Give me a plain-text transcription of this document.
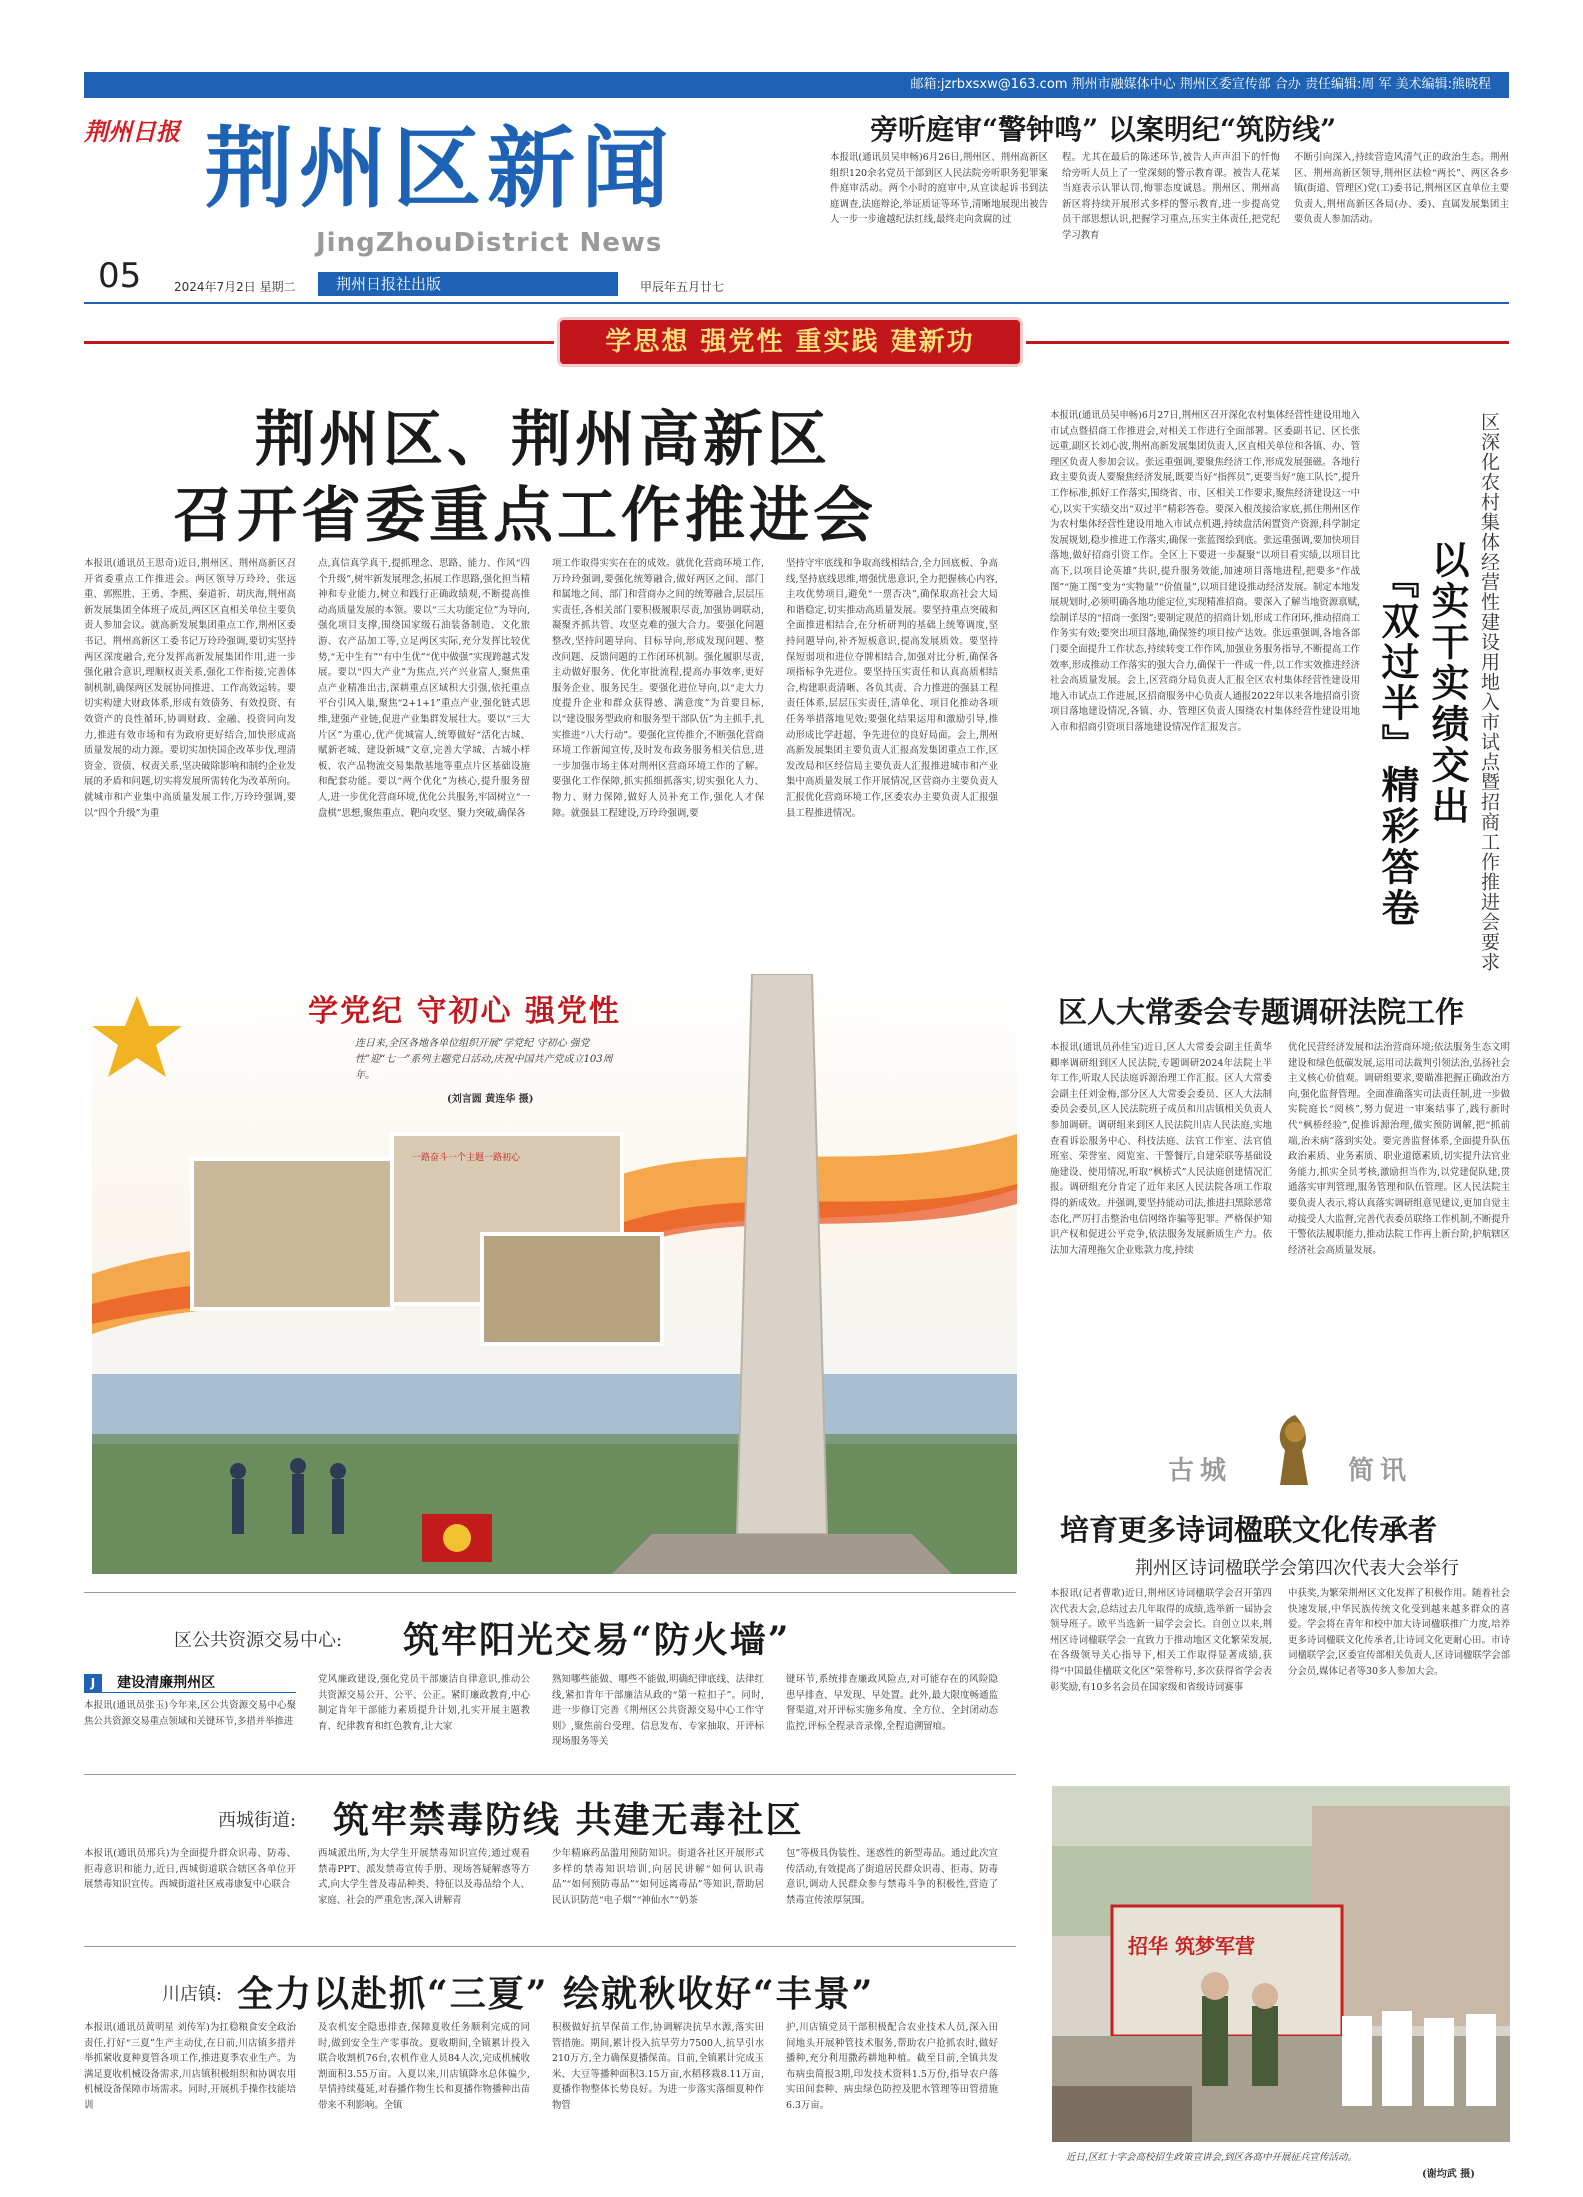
邮箱:jzrbxsxw@163.com 荆州市融媒体中心 荆州区委宣传部 合办 责任编辑:周 军 美术编辑:熊晓程
荆州日报 荆州区新闻
JingZhouDistrict News
05	2024年7月2日 星期二	荆州日报社出版	甲辰年五月廿七
旁听庭审“警钟鸣” 以案明纪“筑防线”
本报讯(通讯员吴申畅)6月26日,荆州区、荆州高新区组织120余名党员干部到区人民法院旁听职务犯罪案件庭审活动。两个小时的庭审中,从宣读起诉书到法庭调查,法庭辩论,举证质证等环节,清晰地展现出被告人一步一步逾越纪法红线,最终走向贪腐的过
程。尤其在最后的陈述环节,被告人声声泪下的忏悔给旁听人员上了一堂深刻的警示教育课。被告人花某当庭表示认罪认罚,悔罪态度诚恳。荆州区、荆州高新区将持续开展形式多样的警示教育,进一步提高党员干部思想认识,把握学习重点,压实主体责任,把党纪学习教育
不断引向深入,持续营造风清气正的政治生态。荆州区、荆州高新区领导,荆州区法检“两长”、两区各乡镇(街道、管理区)党(工)委书记,荆州区区直单位主要负责人,荆州高新区各局(办、委)、直属发展集团主要负责人参加活动。
学思想 强党性 重实践 建新功
荆州区、荆州高新区
召开省委重点工作推进会
本报讯(通讯员王思奇)近日,荆州区、荆州高新区召开省委重点工作推进会。两区领导万玲玲、张远重、郭熙胜、王勇、李熙、秦道祈、胡庆海,荆州高新发展集团全体班子成员,两区区直相关单位主要负责人参加会议。就高新发展集团重点工作,荆州区委书记、荆州高新区工委书记万玲玲强调,要切实坚持两区深度融合,充分发挥高新发展集团作用,进一步强化融合意识,理顺权责关系,强化工作衔接,完善体制机制,确保两区发展协同推进、工作高效运转。要切实构建大财政体系,形成有效债务、有效投资、有效资产的良性循环,协调财政、金融、投资同向发力,推进有效市场和有为政府更好结合,加快形成高质量发展的动力源。要切实加快国企改革步伐,理清资金、资债、权责关系,坚决破除影响和制约企业发展的矛盾和问题,切实将发展所需转化为改革所向。就城市和产业集中高质量发展工作,万玲玲强调,要以“四个升级”为重
点,真信真学真干,提抓理念、思路、能力、作风“四个升级”,树牢新发展理念,拓展工作思路,强化担当精神和专业能力,树立和践行正确政绩观,不断提高推动高质量发展的本领。要以“三大功能定位”为导向,强化项目支撑,围绕国家级石油装备制造、文化旅游、农产品加工等,立足两区实际,充分发挥比较优势,“无中生有”“有中生优”“优中做强”实现跨越式发展。要以“四大产业”为焦点,兴产兴业富人,聚焦重点产业精准出击,深耕重点区域积大引强,依托重点平台引风入巢,聚焦“2+1+1”重点产业,强化链式思维,建强产业链,促进产业集群发展壮大。要以“三大片区”为重心,优产优城富人,统筹做好“活化古城、赋新老城、建设新城”文章,完善大学城、古城小样板、农产品物流交易集散基地等重点片区基础设施和配套功能。要以“两个优化”为核心,提升服务留人,进一步优化营商环境,优化公共服务,牢固树立“一盘棋”思想,聚焦重点、靶向攻坚、聚力突破,确保各
项工作取得实实在在的成效。就优化营商环境工作,万玲玲强调,要强化统筹融合,做好两区之间、部门和属地之间、部门和营商办之间的统筹融合,层层压实责任,各相关部门要积极履职尽责,加强协调联动,凝聚齐抓共管、攻坚克难的强大合力。要强化问题整改,坚持问题导向、目标导向,形成发现问题、整改问题、反馈问题的工作闭环机制。强化履职尽责,主动做好服务、优化审批流程,提高办事效率,更好服务企业、服务民生。要强化进位导向,以“走大力度提升企业和群众获得感、满意度”为首要目标,以“建设服务型政府和服务型干部队伍”为主抓手,扎实推进“八大行动”。要强化宣传推介,不断强化营商环境工作新闻宣传,及时发布政务服务相关信息,进一步加强市场主体对荆州区营商环境工作的了解。要强化工作保障,抓实抓细抓落实,切实强化人力、物力、财力保障,做好人员补充工作,强化人才保障。就强县工程建设,万玲玲强调,要
坚持守牢底线和争取高线相结合,全力回底板、争高线,坚持底线思维,增强忧患意识,全力把握核心内容,主攻优势项目,避免“一票否决”,确保取高社会大局和谐稳定,切实推动高质量发展。要坚持重点突破和全面推进相结合,在分析研判的基础上统筹调度,坚持问题导向,补齐短板意识,提高发展质效。要坚持保短弱项和进位夺牌相结合,加强对比分析,确保各项指标争先进位。要坚持压实责任和认真高质相结合,构建职责清晰、各负其责、合力推进的强县工程责任体系,层层压实责任,清单化、项目化推动各项任务举措落地见效;要强化结果运用和激励引导,推动形成比学赶超、争先进位的良好局面。会上,荆州高新发展集团主要负责人汇报高发集团重点工作,区发改局和区经信局主要负责人汇报推进城市和产业集中高质量发展工作开展情况,区营商办主要负责人汇报优化营商环境工作,区委农办主要负责人汇报强县工程推进情况。
本报讯(通讯员吴申畅)6月27日,荆州区召开深化农村集体经营性建设用地入市试点暨招商工作推进会,对相关工作进行全面部署。区委副书记、区长张远重,副区长刘心波,荆州高新发展集团负责人,区直相关单位和各镇、办、管理区负责人参加会议。张远重强调,要聚焦经济工作,形成发展强磁。各地行政主要负责人要聚焦经济发展,既要当好“指挥员”,更要当好“施工队长”,提升工作标准,抓好工作落实,围绕省、市、区相关工作要求,聚焦经济建设这一中心,以实干实绩交出“双过半”精彩答卷。要深入根茂接洽家底,抓住荆州区作为农村集体经营性建设用地入市试点机遇,持续盘活闲置资产资源,科学制定发展规划,稳步推进工作落实,确保一张蓝图绘到底。张远重强调,要加快项目落地,做好招商引资工作。全区上下要进一步凝聚“以项目看实绩,以项目比高下,以项目论英雄”共识,提升服务效能,加速项目落地进程,把要多“作战图”“施工图”变为“实物量”“价值量”,以项目建设推动经济发展。制定本地发展规划时,必须明确各地功能定位,实现精准招商。要深入了解当地资源禀赋,绘制详尽的“招商一张图”;要制定规范的招商计划,形成工作闭环,推动招商工作务实有效;要突出项目落地,确保签约项目按产达效。张远重强调,各地各部门要全面提升工作状态,持续转变工作作风,加强业务服务指导,不断提高工作效率,形成推动工作落实的强大合力,确保干一件成一件,以工作实效推进经济社会高质量发展。会上,区营商分局负责人汇报全区农村集体经营性建设用地入市试点工作进展,区招商服务中心负责人通报2022年以来各地招商引资项目落地建设情况,各镇、办、管理区负责人围绕农村集体经营性建设用地入市和招商引资项目落地建设情况作汇报发言。	以实干实绩交出
『双过半』精彩答卷	区深化农村集体经营性建设用地入市试点暨招商工作推进会要求
学党纪 守初心 强党性
连日来,全区各地各单位组织开展“学党纪 守初心 强党性”迎“七一”系列主题党日活动,庆祝中国共产党成立103周年。
(刘言圆 黄连华 摄)
一路奋斗一个主题一路初心
区人大常委会专题调研法院工作
本报讯(通讯员孙佳宝)近日,区人大常委会副主任黄华卿率调研组到区人民法院,专题调研2024年法院上半年工作,听取人民法庭诉源治理工作汇报。区人大常委会副主任刘金梅,部分区人大常委会委员、区人大法制委员会委员,区人民法院班子成员和川店镇相关负责人参加调研。调研组来到区人民法院川店人民法庭,实地查看诉讼服务中心、科技法庭、法官工作室、法官值班室、荣誉室、阅览室、干警餐厅,自建荣联等基础设施建设、使用情况,听取“枫桥式”人民法庭创建情况汇报。调研组充分肯定了近年来区人民法院各项工作取得的新成效。并强调,要坚持能动司法,推进扫黑除恶常态化,严厉打击整治电信网络诈骗等犯罪。严格保护知识产权和促进公平竞争,依法服务发展新质生产力。依法加大清理拖欠企业账款力度,持续
优化民营经济发展和法治营商环境;依法服务生态文明建设和绿色低碳发展,运用司法裁判引领法治,弘扬社会主义核心价值观。调研组要求,要瞄准把握正确政治方向,强化监督管理。全面准确落实司法责任制,进一步做实院庭长“阅核”,努力促进一审案结事了,践行新时代“枫桥经验”,促推诉源治理,做实预防调解,把“抓前端,治未病”落到实处。要完善监督体系,全面提升队伍政治素质、业务素质、职业道德素质,切实提升法官业务能力,抓实全员考核,激励担当作为,以党建促队建,贯通落实审判管理,服务管理和队伍管理。区人民法院主要负责人表示,将认真落实调研组意见建议,更加自觉主动接受人大监督,完善代表委员联络工作机制,不断提升干警依法履职能力,推动法院工作再上新台阶,护航辖区经济社会高质量发展。
古城	简讯
培育更多诗词楹联文化传承者
荆州区诗词楹联学会第四次代表大会举行
本报讯(记者曹歌)近日,荆州区诗词楹联学会召开第四次代表大会,总结过去几年取得的成绩,选举新一届协会领导班子。欧平当选新一届学会会长。自创立以来,荆州区诗词楹联学会一直致力于推动地区文化繁荣发展,在各级领导关心指导下,相关工作取得显著成绩,获得“中国最佳楹联文化区”荣誉称号,多次获得省学会表彰奖励,有10多名会员在国家级和省级诗词赛事
中获奖,为繁荣荆州区文化发挥了积极作用。随着社会快速发展,中华民族传统文化受到越来越多群众的喜爱。学会将在青年和校中加大诗词楹联推广力度,培养更多诗词楹联文化传承者,让诗词文化更耐心田。市诗词楹联学会,区委宣传部相关负责人,区诗词楹联学会部分会员,媒体记者等30多人参加大会。
招华 筑梦军营
近日,区红十字会高校招生政策宣讲会,到区各高中开展征兵宣传活动。
(谢均武 摄)
区公共资源交易中心: 筑牢阳光交易“防火墙”
J 建设清廉荆州区
本报讯(通讯员张玉)今年来,区公共资源交易中心聚焦公共资源交易重点领域和关键环节,多措并举推进
党风廉政建设,强化党员干部廉洁自律意识,推动公共资源交易公开、公平、公正。紧盯廉政教育,中心制定肯年干部能力素质提升计划,扎实开展主题教育、纪律教育和红色教育,让大家
熟知哪些能做、哪些不能做,明确纪律底线、法律红线,紧扣肯年干部廉洁从政的“第一粒扣子”。同时,进一步修订完善《荆州区公共资源交易中心工作守则》,聚焦前台受理、信息发布、专家抽取、开评标现场服务等关
键环节,系统排查廉政风险点,对可能存在的风险隐患早排查、早发现、早处置。此外,最大限度畅通监督渠道,对开评标实施多角度、全方位、全封闭动态监控,评标全程录音录像,全程追溯留痕。
西城街道: 筑牢禁毒防线 共建无毒社区
本报讯(通讯员邢兵)为全面提升群众识毒、防毒、拒毒意识和能力,近日,西城街道联合辖区各单位开展禁毒知识宣传。西城街道社区戒毒康复中心联合
西城派出所,为大学生开展禁毒知识宣传,通过观看禁毒PPT、派发禁毒宣传手册、现场答疑解惑等方式,向大学生普及毒品种类、特征以及毒品给个人、家庭、社会的严重危害,深入讲解青
少年精麻药品滥用预防知识。街道各社区开展形式多样的禁毒知识培训,向居民讲解“如何认识毒品”“如何预防毒品”“如何远离毒品”等知识,帮助居民认识防范“电子烟”“神仙水”“奶茶
包”等极具伪装性、迷惑性的新型毒品。通过此次宣传活动,有效提高了街道居民群众识毒、拒毒、防毒意识,调动人民群众参与禁毒斗争的积极性,营造了禁毒宣传浓厚氛围。
川店镇: 全力以赴抓“三夏” 绘就秋收好“丰景”
本报讯(通讯员黄明星 刘传军)为扛稳粮食安全政治责任,打好“三夏”生产主动仗,在日前,川店镇多措并举抓紧收夏种夏管各项工作,推进夏季农业生产。为满足夏收机械设备需求,川店镇积极组织和协调农用机械设备保障市场需求。同时,开展机手操作技能培训
及农机安全隐患排查,保障夏收任务顺利完成的同时,做到安全生产零事故。夏收期间,全镇累计投入联合收割机76台,农机作业人员84人次,完成机械收割面积3.55万亩。入夏以来,川店镇降水总体偏少,旱情持续蔓延,对春播作物生长和夏播作物播种出苗带来不利影响。全镇
积极做好抗旱保苗工作,协调解决抗旱水源,落实田管措施。期间,累计投入抗旱劳力7500人,抗旱引水210万方,全力确保夏播保苗。目前,全镇累计完成玉米、大豆等播种面积3.15万亩,水稻移栽8.11万亩,夏播作物整体长势良好。为进一步落实落细夏种作物管
护,川店镇党员干部积极配合农业技术人员,深入田间地头开展种管技术服务,帮助农户抢抓农时,做好播种,充分利用撒药耕地种植。截至目前,全镇共发布病虫简报3期,印发技术资料1.5万份,指导农户落实田间套种、病虫绿色防控及肥水管理等田管措施6.3万亩。
